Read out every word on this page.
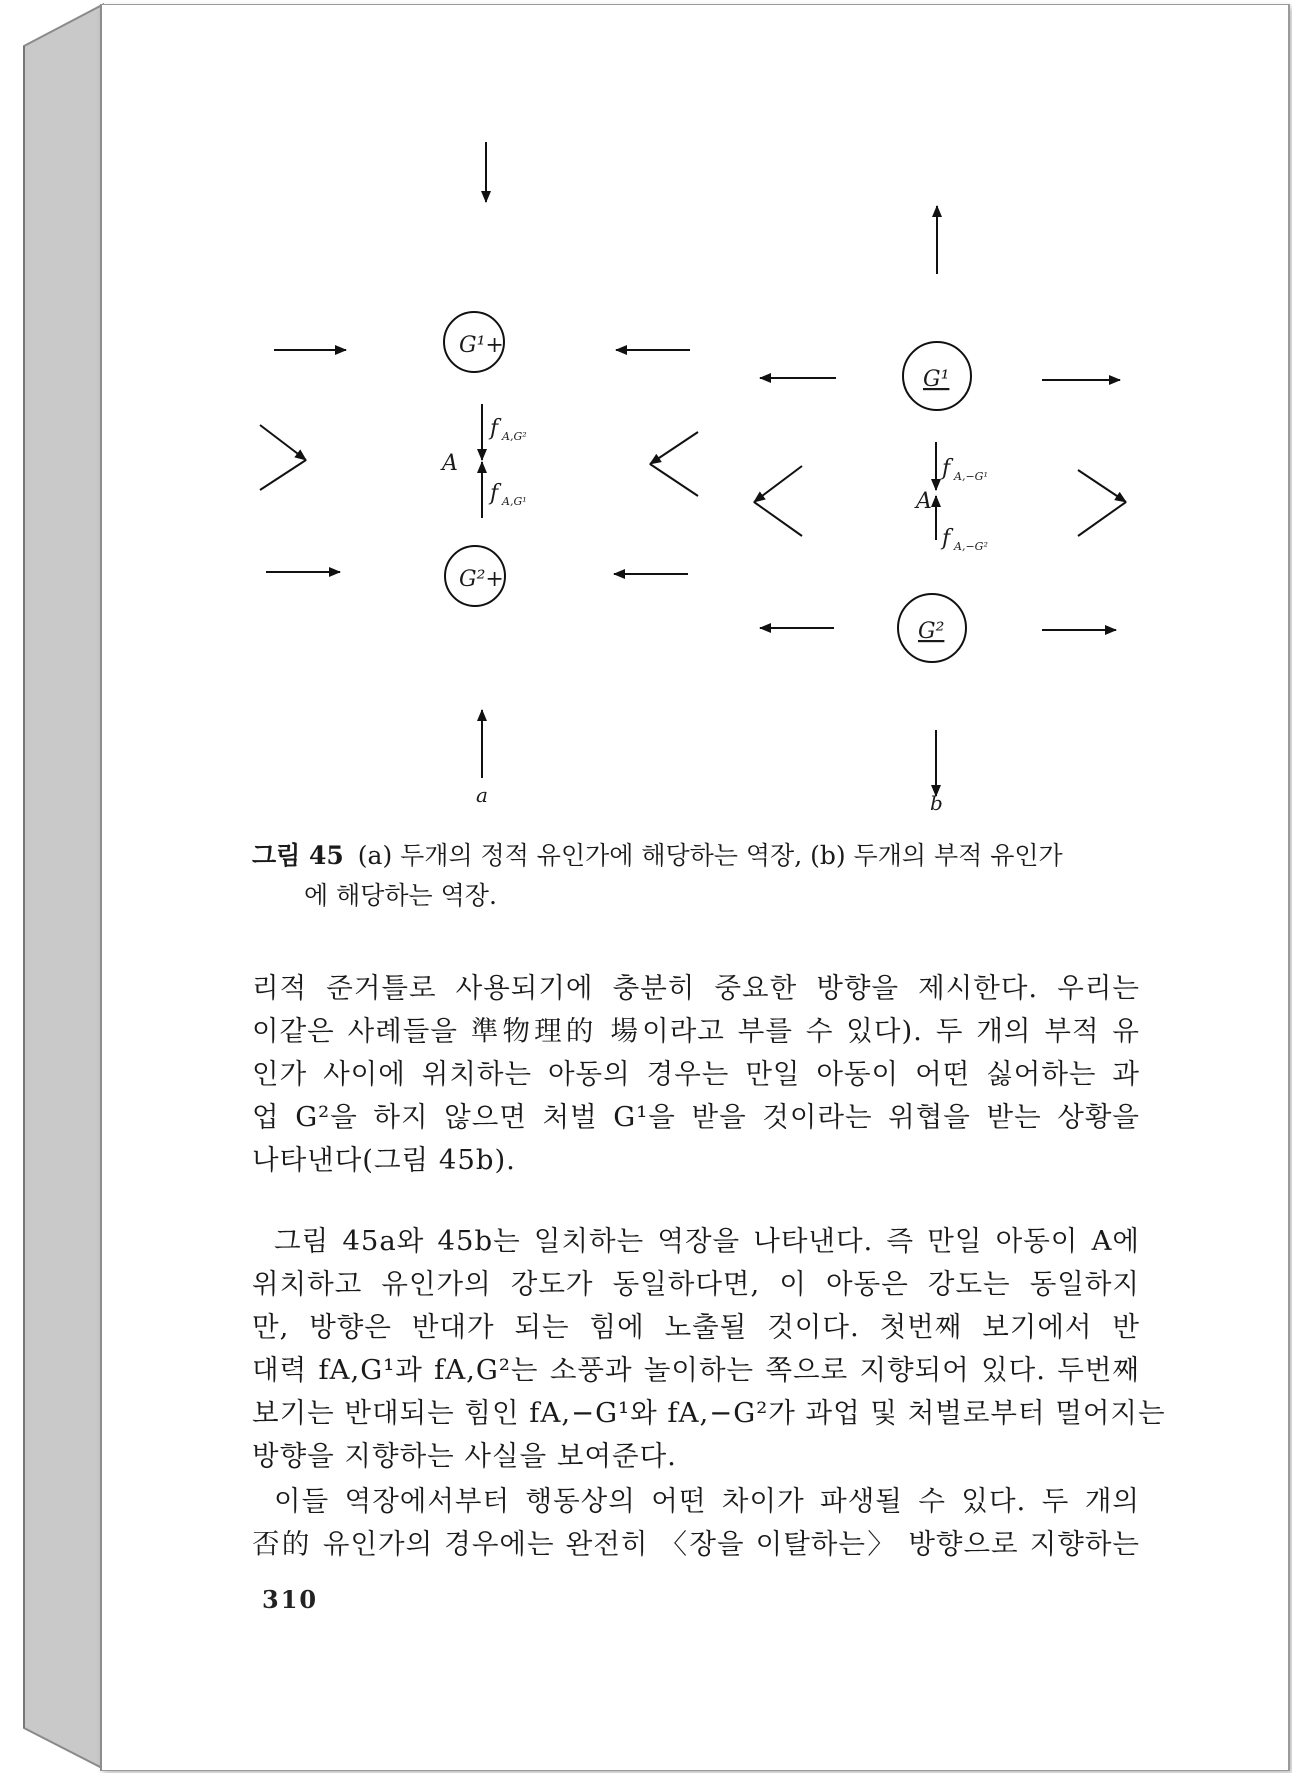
G¹+
G²+
A
f A,G²
f A,G¹
a
G¹
G²
A
f A,−G¹
f A,−G²
b
그림 45 (a) 두개의 정적 유인가에 해당하는 역장, (b) 두개의 부적 유인가
에 해당하는 역장.
리적 준거틀로 사용되기에 충분히 중요한 방향을 제시한다. 우리는
이같은 사례들을 準物理的 場이라고 부를 수 있다). 두 개의 부적 유
인가 사이에 위치하는 아동의 경우는 만일 아동이 어떤 싫어하는 과
업 G²을 하지 않으면 처벌 G¹을 받을 것이라는 위협을 받는 상황을
나타낸다(그림 45b).
그림 45a와 45b는 일치하는 역장을 나타낸다. 즉 만일 아동이 A에
위치하고 유인가의 강도가 동일하다면, 이 아동은 강도는 동일하지
만, 방향은 반대가 되는 힘에 노출될 것이다. 첫번째 보기에서 반
대력 fA,G¹과 fA,G²는 소풍과 놀이하는 쪽으로 지향되어 있다. 두번째
보기는 반대되는 힘인 fA,−G¹와 fA,−G²가 과업 및 처벌로부터 멀어지는
방향을 지향하는 사실을 보여준다.
이들 역장에서부터 행동상의 어떤 차이가 파생될 수 있다. 두 개의
否的 유인가의 경우에는 완전히 〈장을 이탈하는〉 방향으로 지향하는
310
